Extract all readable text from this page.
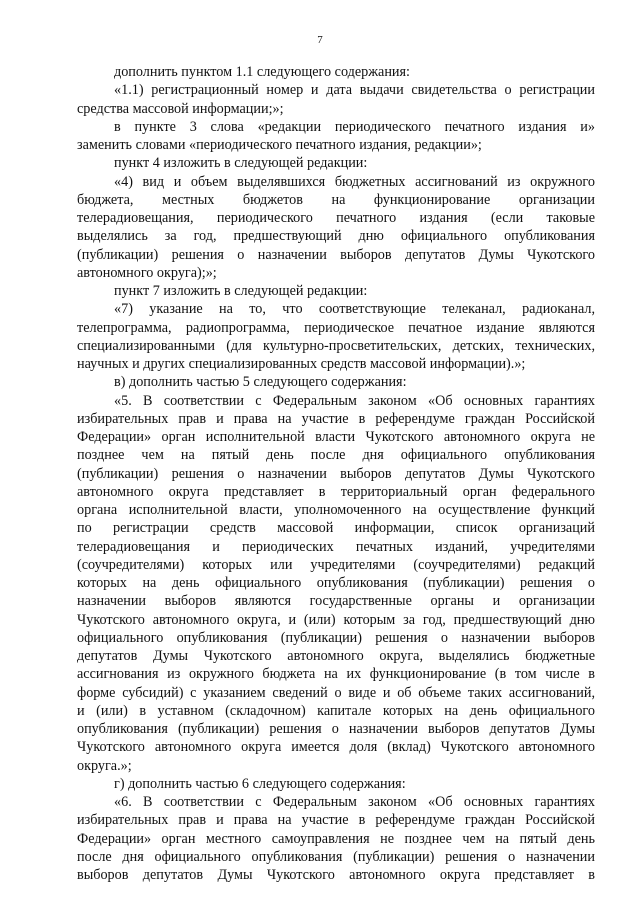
7
дополнить пунктом 1.1 следующего содержания:
«1.1) регистрационный номер и дата выдачи свидетельства о регистрации
средства массовой информации;»;
в пункте 3 слова «редакции периодического печатного издания и»
заменить словами «периодического печатного издания, редакции»;
пункт 4 изложить в следующей редакции:
«4) вид и объем выделявшихся бюджетных ассигнований из окружного
бюджета, местных бюджетов на функционирование организации
телерадиовещания, периодического печатного издания (если таковые
выделялись за год, предшествующий дню официального опубликования
(публикации) решения о назначении выборов депутатов Думы Чукотского
автономного округа);»;
пункт 7 изложить в следующей редакции:
«7) указание на то, что соответствующие телеканал, радиоканал,
телепрограмма, радиопрограмма, периодическое печатное издание являются
специализированными (для культурно-просветительских, детских, технических,
научных и других специализированных средств массовой информации).»;
в) дополнить частью 5 следующего содержания:
«5. В соответствии с Федеральным законом «Об основных гарантиях
избирательных прав и права на участие в референдуме граждан Российской
Федерации» орган исполнительной власти Чукотского автономного округа не
позднее чем на пятый день после дня официального опубликования
(публикации) решения о назначении выборов депутатов Думы Чукотского
автономного округа представляет в территориальный орган федерального
органа исполнительной власти, уполномоченного на осуществление функций
по регистрации средств массовой информации, список организаций
телерадиовещания и периодических печатных изданий, учредителями
(соучредителями) которых или учредителями (соучредителями) редакций
которых на день официального опубликования (публикации) решения о
назначении выборов являются государственные органы и организации
Чукотского автономного округа, и (или) которым за год, предшествующий дню
официального опубликования (публикации) решения о назначении выборов
депутатов Думы Чукотского автономного округа, выделялись бюджетные
ассигнования из окружного бюджета на их функционирование (в том числе в
форме субсидий) с указанием сведений о виде и об объеме таких ассигнований,
и (или) в уставном (складочном) капитале которых на день официального
опубликования (публикации) решения о назначении выборов депутатов Думы
Чукотского автономного округа имеется доля (вклад) Чукотского автономного
округа.»;
г) дополнить частью 6 следующего содержания:
«6. В соответствии с Федеральным законом «Об основных гарантиях
избирательных прав и права на участие в референдуме граждан Российской
Федерации» орган местного самоуправления не позднее чем на пятый день
после дня официального опубликования (публикации) решения о назначении
выборов депутатов Думы Чукотского автономного округа представляет в
